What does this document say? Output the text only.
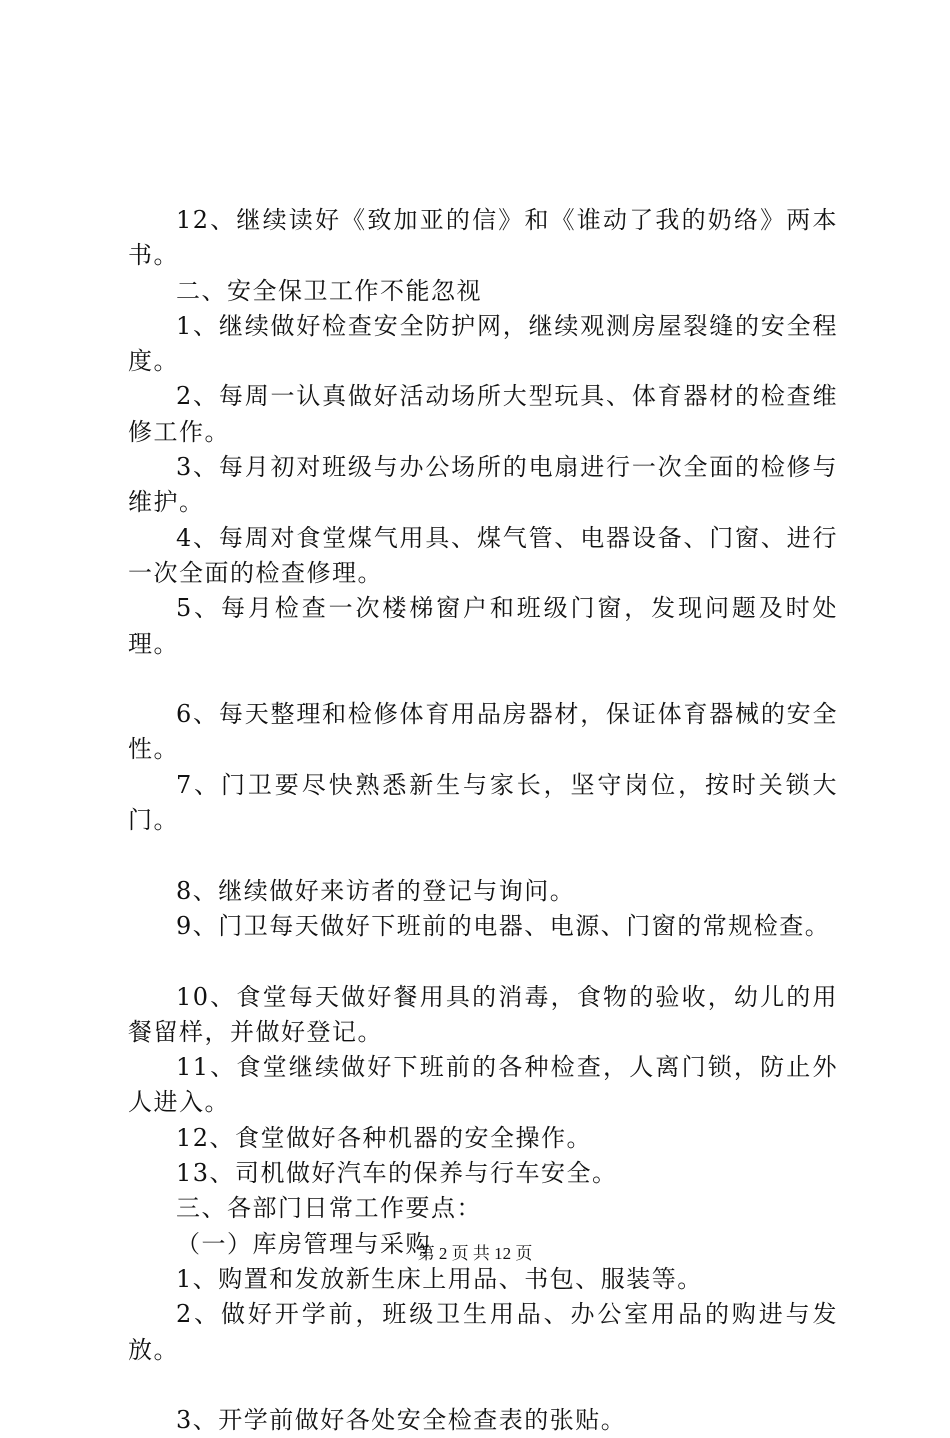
12、继续读好《致加亚的信》和《谁动了我的奶络》两本书。

二、安全保卫工作不能忽视

1、继续做好检查安全防护网，继续观测房屋裂缝的安全程度。

2、每周一认真做好活动场所大型玩具、体育器材的检查维修工作。

3、每月初对班级与办公场所的电扇进行一次全面的检修与维护。

4、每周对食堂煤气用具、煤气管、电器设备、门窗、进行一次全面的检查修理。

5、每月检查一次楼梯窗户和班级门窗，发现问题及时处理。

6、每天整理和检修体育用品房器材，保证体育器械的安全性。

7、门卫要尽快熟悉新生与家长，坚守岗位，按时关锁大门。

8、继续做好来访者的登记与询问。

9、门卫每天做好下班前的电器、电源、门窗的常规检查。

10、食堂每天做好餐用具的消毒，食物的验收，幼儿的用餐留样，并做好登记。

11、食堂继续做好下班前的各种检查，人离门锁，防止外人进入。

12、食堂做好各种机器的安全操作。

13、司机做好汽车的保养与行车安全。

三、各部门日常工作要点：

（一）库房管理与采购

1、购置和发放新生床上用品、书包、服装等。

2、做好开学前，班级卫生用品、办公室用品的购进与发放。

3、开学前做好各处安全检查表的张贴。

第 2 页 共 12 页
